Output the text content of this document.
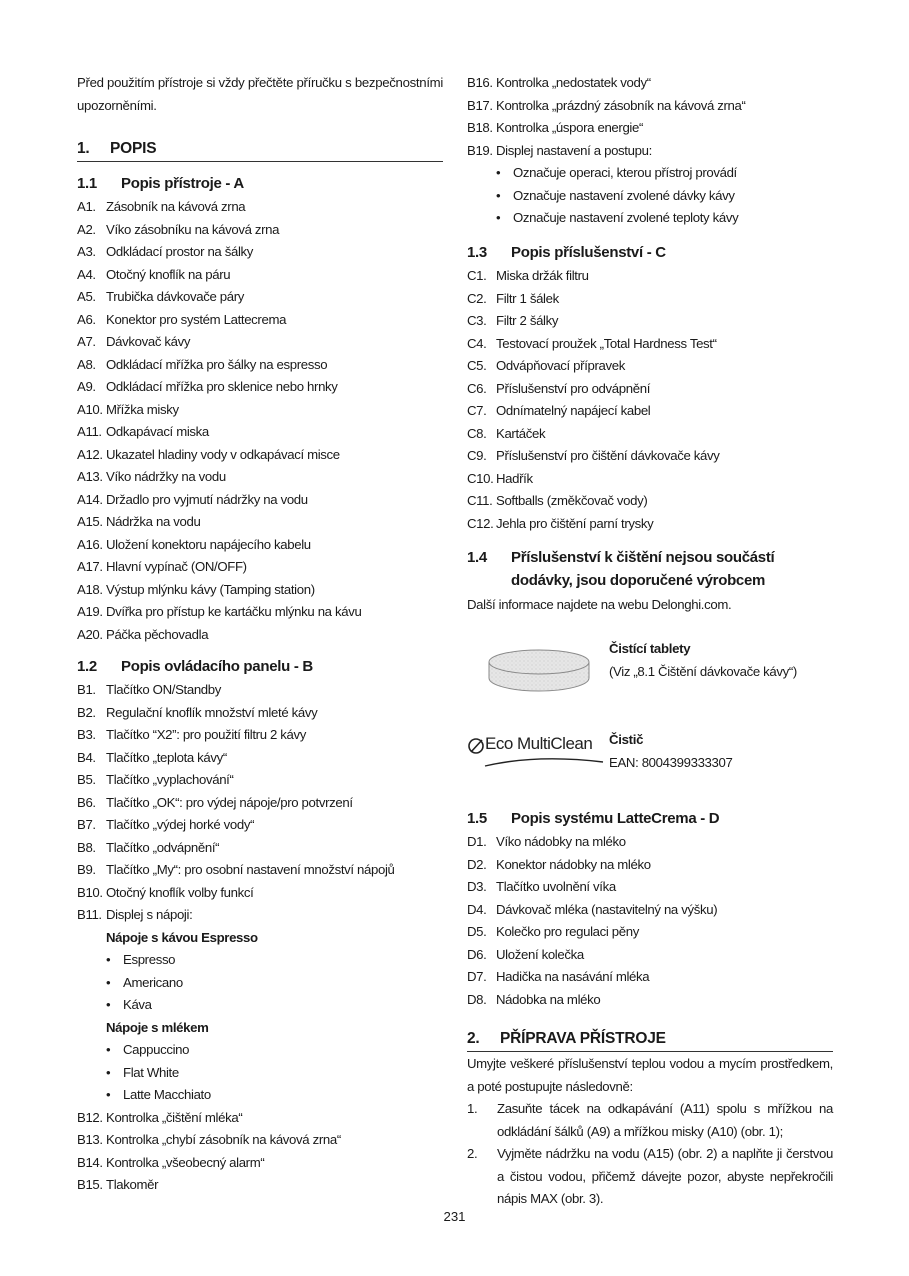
Před použitím přístroje si vždy přečtěte příručku s bezpečnostními upozorněními.
1. POPIS
1.1 Popis přístroje - A
A1. Zásobník na kávová zrna
A2. Víko zásobníku na kávová zrna
A3. Odkládací prostor na šálky
A4. Otočný knoflík na páru
A5. Trubička dávkovače páry
A6. Konektor pro systém Lattecrema
A7. Dávkovač kávy
A8. Odkládací mřížka pro šálky na espresso
A9. Odkládací mřížka pro sklenice nebo hrnky
A10. Mřížka misky
A11. Odkapávací miska
A12. Ukazatel hladiny vody v odkapávací misce
A13. Víko nádržky na vodu
A14. Držadlo pro vyjmutí nádržky na vodu
A15. Nádržka na vodu
A16. Uložení konektoru napájecího kabelu
A17. Hlavní vypínač (ON/OFF)
A18. Výstup mlýnku kávy (Tamping station)
A19. Dvířka pro přístup ke kartáčku mlýnku na kávu
A20. Páčka pěchovadla
1.2 Popis ovládacího panelu - B
B1. Tlačítko ON/Standby
B2. Regulační knoflík množství mleté kávy
B3. Tlačítko “X2”: pro použití filtru 2 kávy
B4. Tlačítko „teplota kávy“
B5. Tlačítko „vyplachování“
B6. Tlačítko „OK“: pro výdej nápoje/pro potvrzení
B7. Tlačítko „výdej horké vody“
B8. Tlačítko „odvápnění“
B9. Tlačítko „My“: pro osobní nastavení množství nápojů
B10. Otočný knoflík volby funkcí
B11. Displej s nápoji:
Nápoje s kávou Espresso
• Espresso
• Americano
• Káva
Nápoje s mlékem
• Cappuccino
• Flat White
• Latte Macchiato
B12. Kontrolka „čištění mléka“
B13. Kontrolka „chybí zásobník na kávová zrna“
B14. Kontrolka „všeobecný alarm“
B15. Tlakoměr
B16. Kontrolka „nedostatek vody“
B17. Kontrolka „prázdný zásobník na kávová zrna“
B18. Kontrolka „úspora energie“
B19. Displej nastavení a postupu:
• Označuje operaci, kterou přístroj provádí
• Označuje nastavení zvolené dávky kávy
• Označuje nastavení zvolené teploty kávy
1.3 Popis příslušenství - C
C1. Miska držák filtru
C2. Filtr 1 šálek
C3. Filtr 2 šálky
C4. Testovací proužek „Total Hardness Test“
C5. Odvápňovací přípravek
C6. Příslušenství pro odvápnění
C7. Odnímatelný napájecí kabel
C8. Kartáček
C9. Příslušenství pro čištění dávkovače kávy
C10. Hadřík
C11. Softballs (změkčovač vody)
C12. Jehla pro čištění parní trysky
1.4 Příslušenství k čištění nejsou součástí
dodávky, jsou doporučené výrobcem
Další informace najdete na webu Delonghi.com.
Čistící tablety
(Viz „8.1 Čištění dávkovače kávy“)
Eco MultiClean Čistič
EAN: 8004399333307
1.5 Popis systému LatteCrema - D
D1. Víko nádobky na mléko
D2. Konektor nádobky na mléko
D3. Tlačítko uvolnění víka
D4. Dávkovač mléka (nastavitelný na výšku)
D5. Kolečko pro regulaci pěny
D6. Uložení kolečka
D7. Hadička na nasávání mléka
D8. Nádobka na mléko
2. PŘÍPRAVA PŘÍSTROJE
Umyjte veškeré příslušenství teplou vodou a mycím prostředkem, a poté postupujte následovně:
1.	Zasuňte tácek na odkapávání (A11) spolu s mřížkou na odkládání šálků (A9) a mřížkou misky (A10) (obr. 1);
2.	Vyjměte nádržku na vodu (A15) (obr. 2) a naplňte ji čerstvou a čistou vodou, přičemž dávejte pozor, abyste nepřekročili nápis MAX (obr. 3).
231
